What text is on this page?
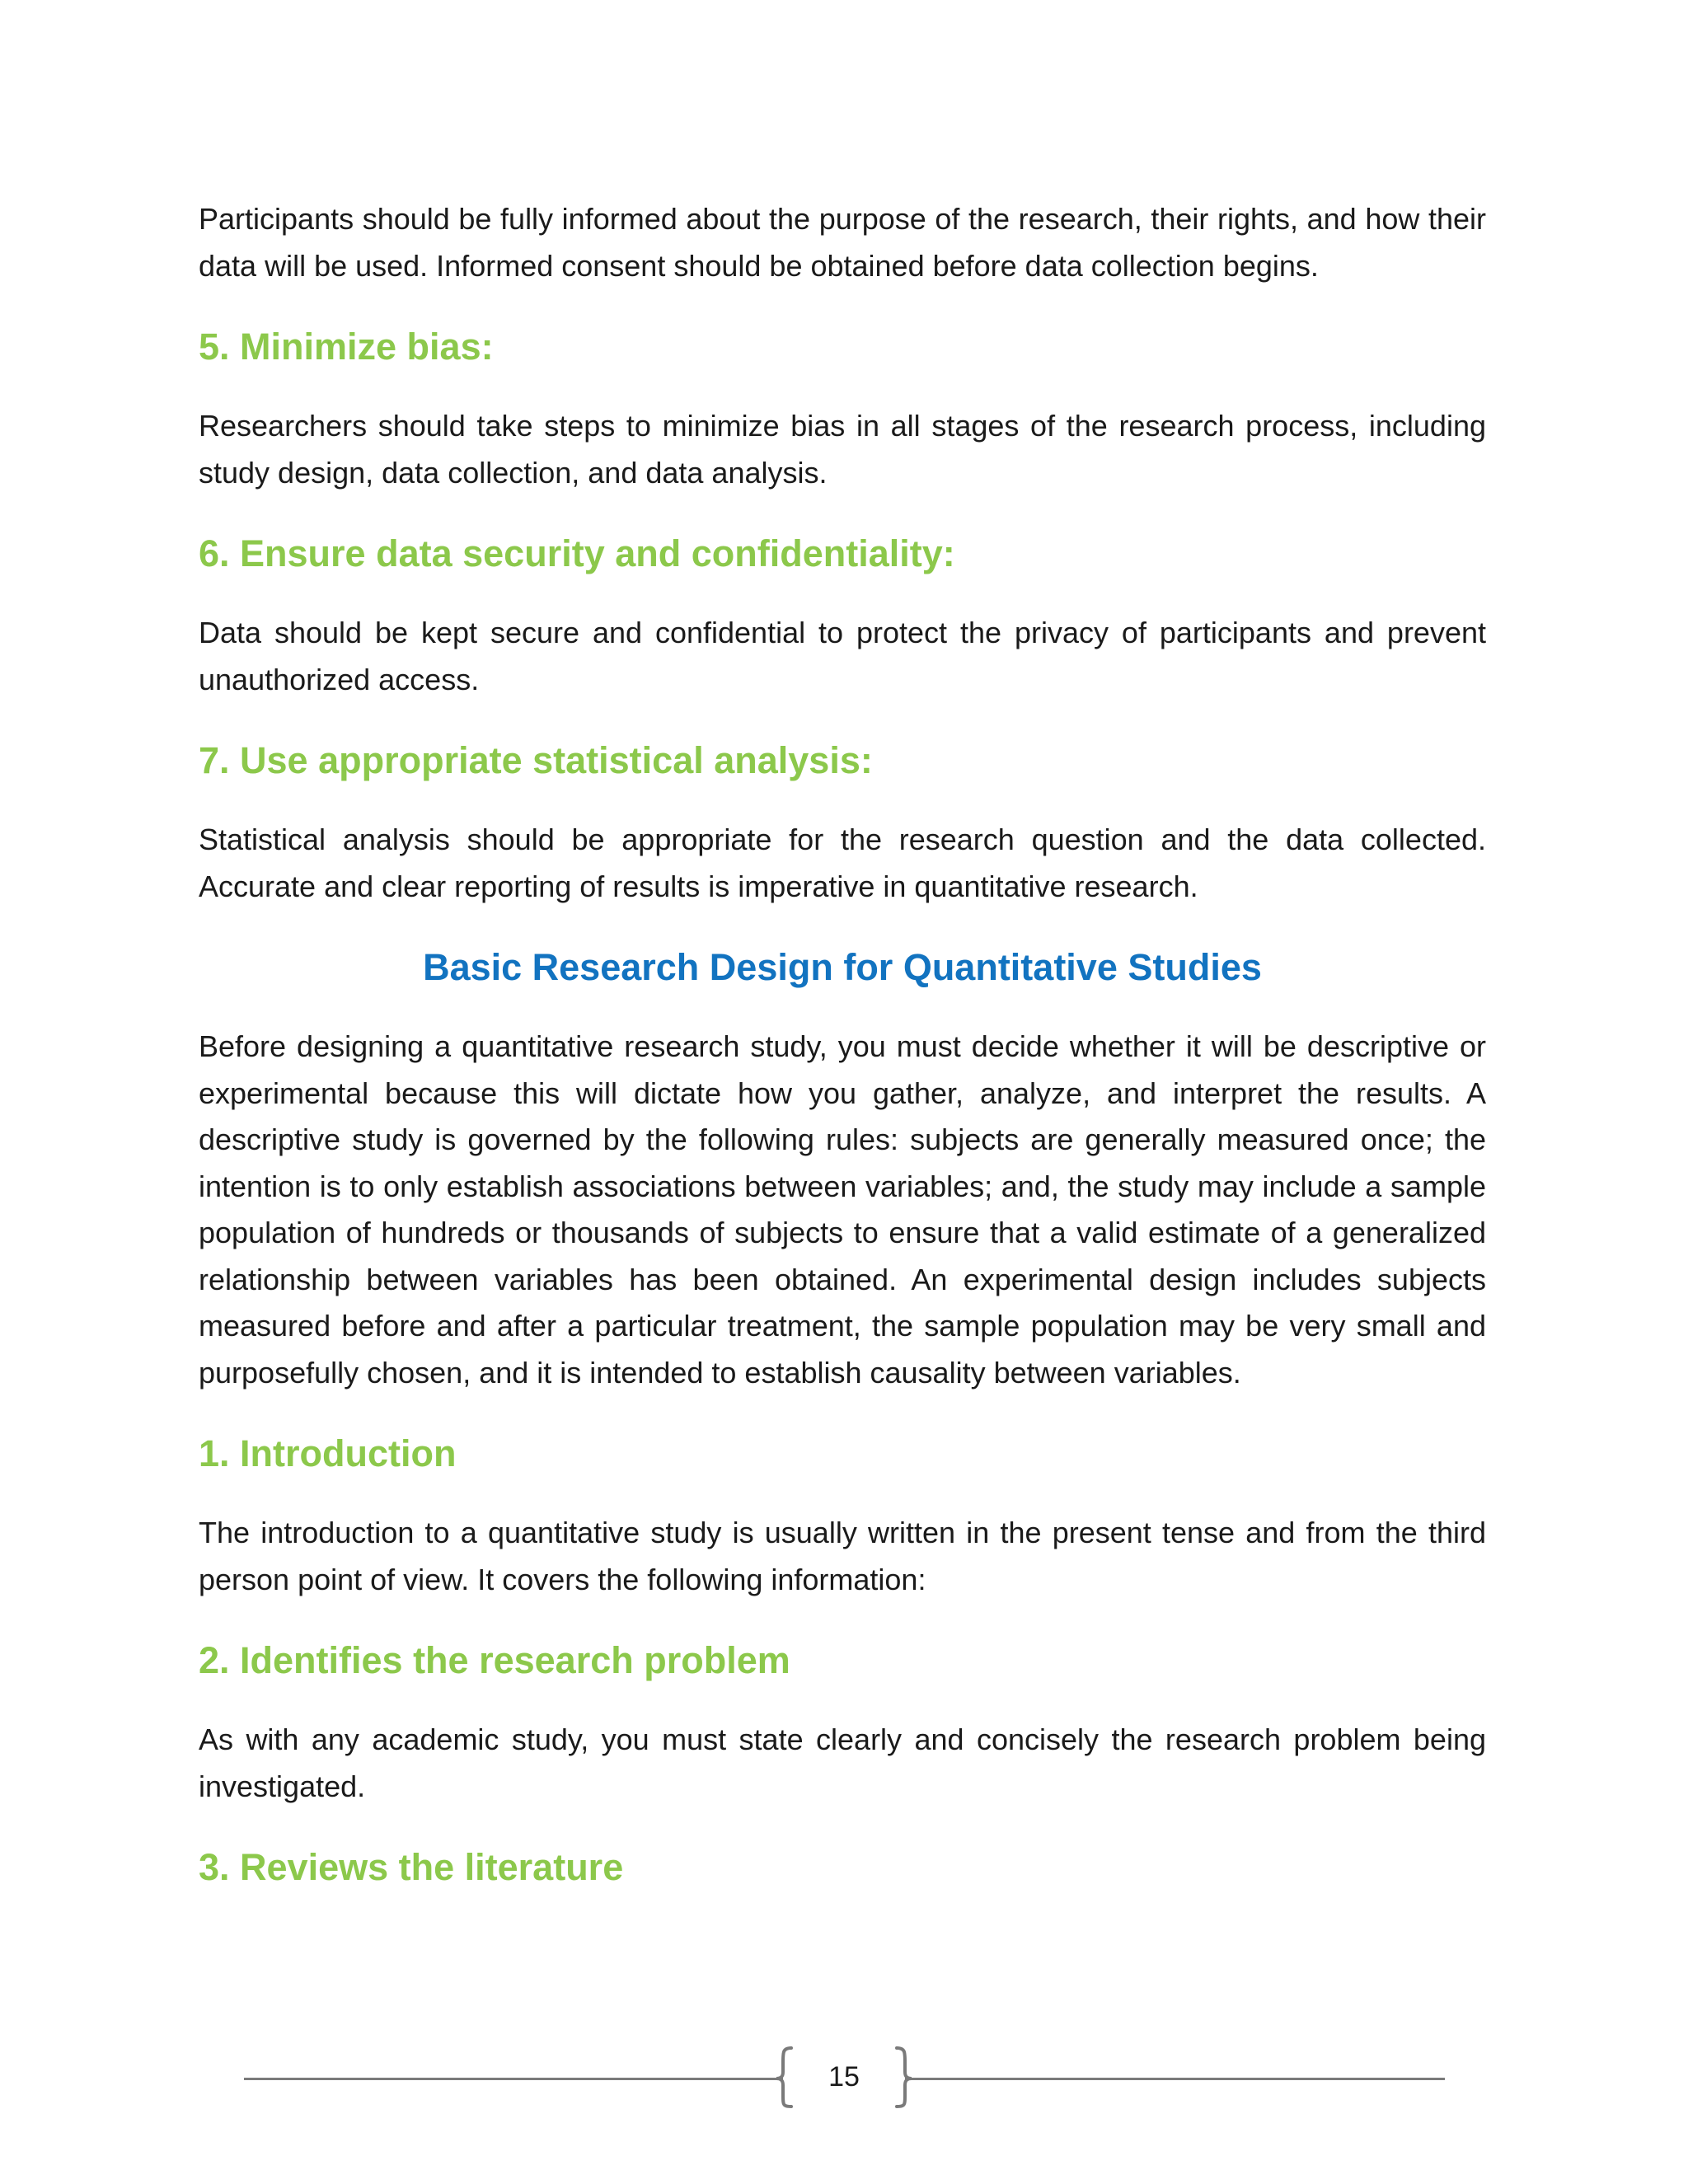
Participants should be fully informed about the purpose of the research, their rights, and how their data will be used. Informed consent should be obtained before data collection begins.

5. Minimize bias:

Researchers should take steps to minimize bias in all stages of the research process, including study design, data collection, and data analysis.

6. Ensure data security and confidentiality:

Data should be kept secure and confidential to protect the privacy of participants and prevent unauthorized access.

7. Use appropriate statistical analysis:

Statistical analysis should be appropriate for the research question and the data collected. Accurate and clear reporting of results is imperative in quantitative research.

Basic Research Design for Quantitative Studies

Before designing a quantitative research study, you must decide whether it will be descriptive or experimental because this will dictate how you gather, analyze, and interpret the results. A descriptive study is governed by the following rules: subjects are generally measured once; the intention is to only establish associations between variables; and, the study may include a sample population of hundreds or thousands of subjects to ensure that a valid estimate of a generalized relationship between variables has been obtained. An experimental design includes subjects measured before and after a particular treatment, the sample population may be very small and purposefully chosen, and it is intended to establish causality between variables.

1. Introduction

The introduction to a quantitative study is usually written in the present tense and from the third person point of view. It covers the following information:

2. Identifies the research problem

As with any academic study, you must state clearly and concisely the research problem being investigated.

3. Reviews the literature
15
